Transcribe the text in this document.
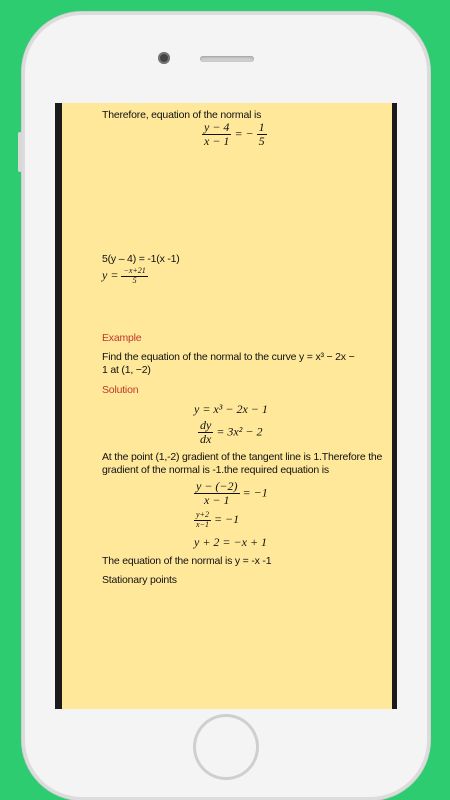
Therefore, equation of the normal is
$\frac{y - 4}{x - 1}$ = − $\frac{1}{5}$
5(y – 4) = -1(x -1)
$y = \frac{-x+21}{5}$
Example
Find the equation of the normal to the curve y = x³ − 2x −
1 at (1, −2)
Solution
y = x³ − 2x − 1
$\frac{dy}{dx} = 3x^2 - 2$
At the point (1,-2) gradient of the tangent line is 1.Therefore the
gradient of the normal is -1.the required equation is
$\frac{y - (-2)}{x - 1} = -1$
$\frac{y+2}{x-1} = -1$
y + 2 = −x + 1
The equation of the normal is y = -x -1
Stationary points
